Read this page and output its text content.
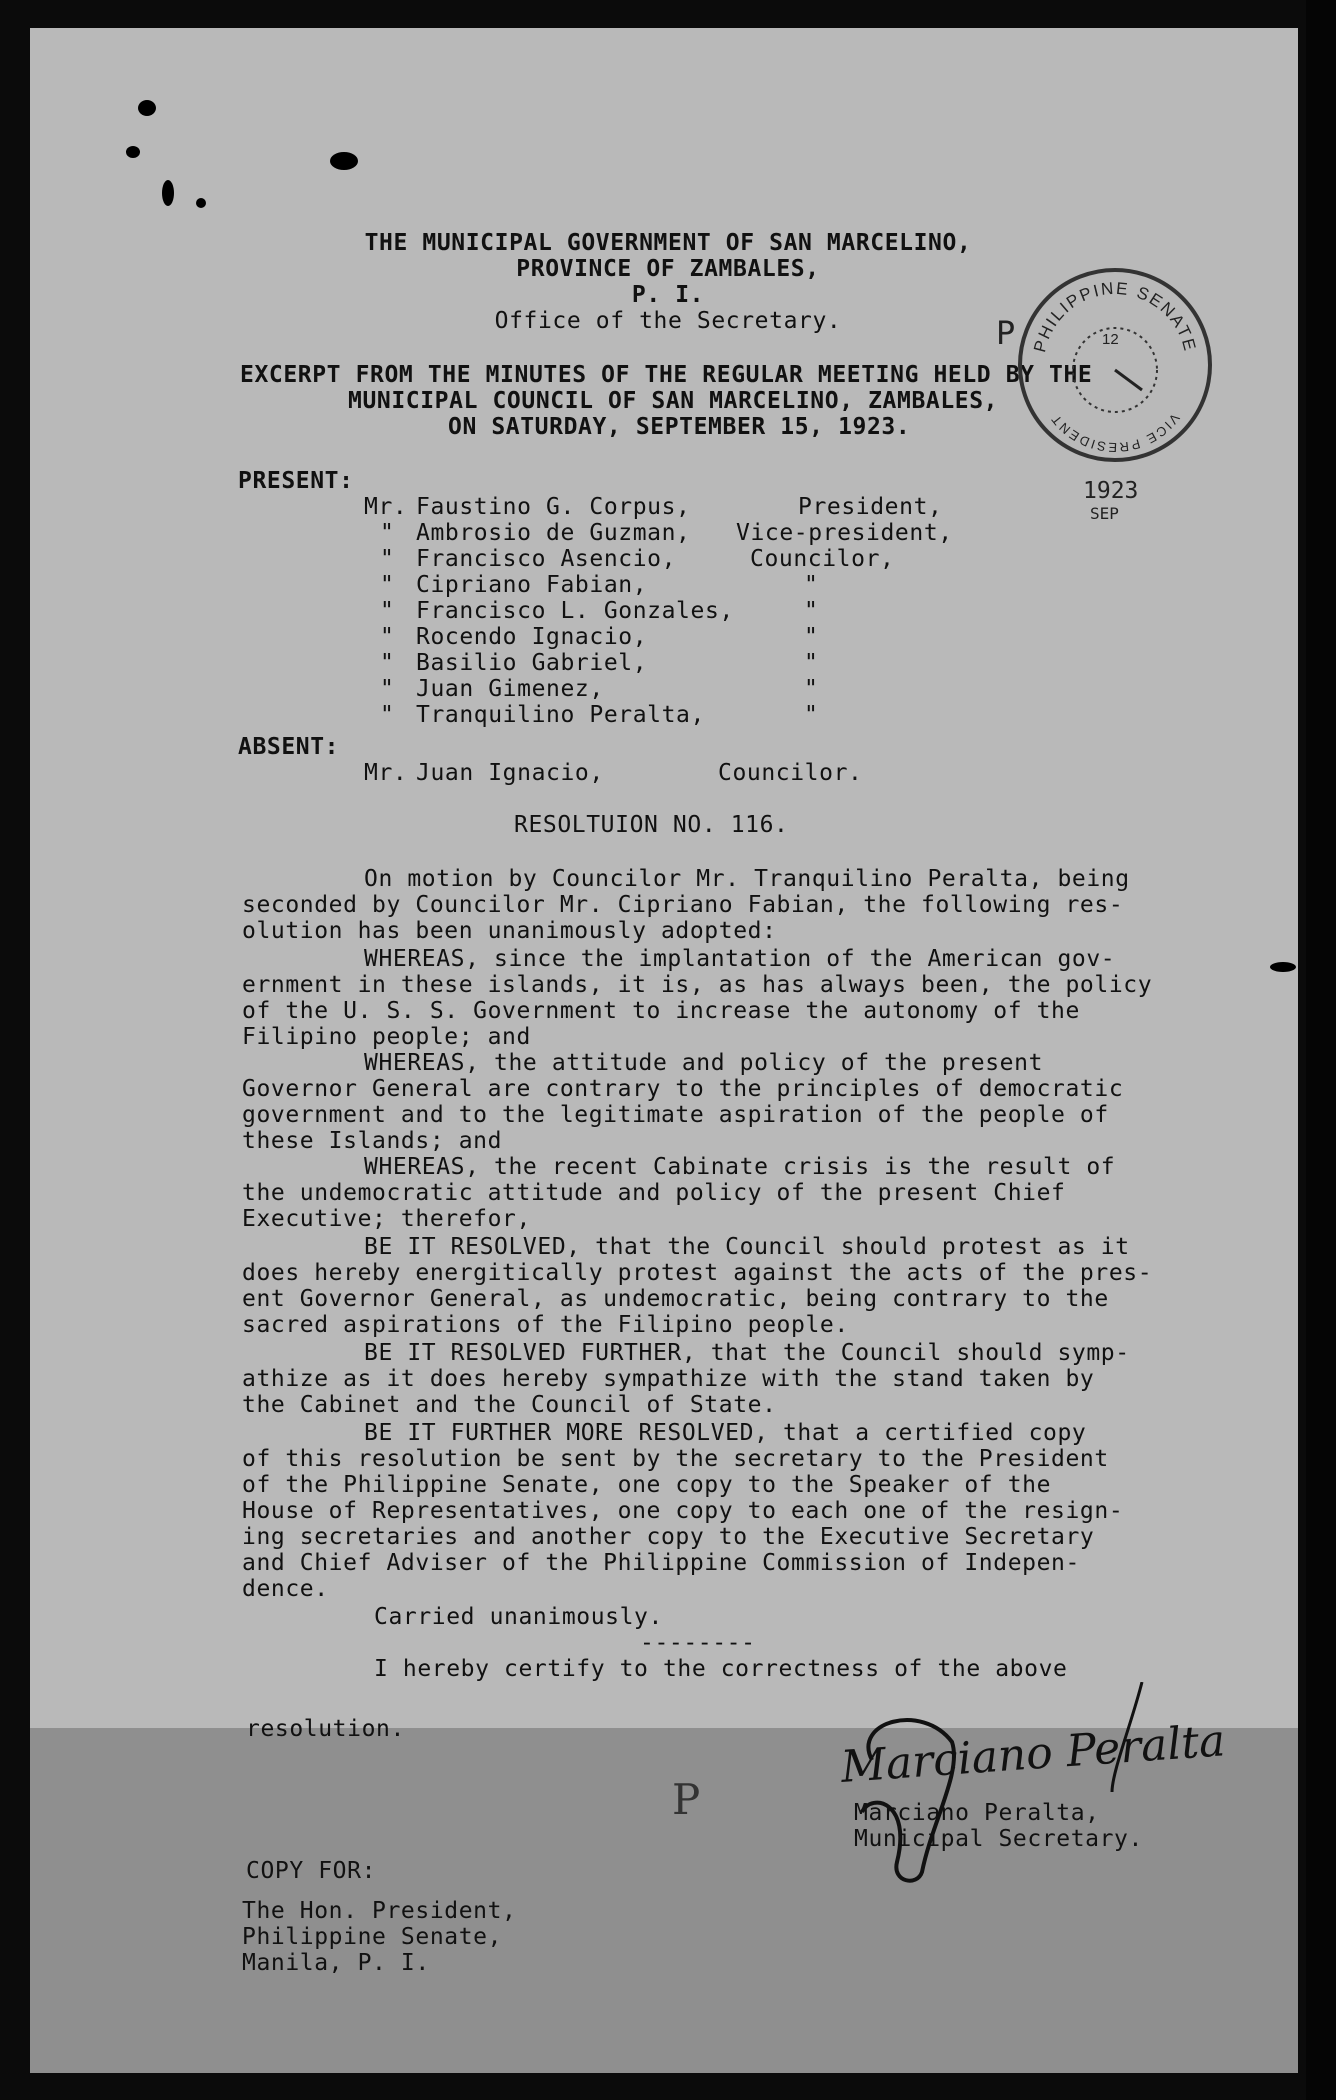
THE MUNICIPAL GOVERNMENT OF SAN MARCELINO,
PROVINCE OF ZAMBALES,
P. I.
Office of the Secretary.
EXCERPT FROM THE MINUTES OF THE REGULAR MEETING HELD BY THE
MUNICIPAL COUNCIL OF SAN MARCELINO, ZAMBALES,
ON SATURDAY, SEPTEMBER 15, 1923.
PHILIPPINE SENATE
VICE PRESIDENT
12
P
1923
SEP
PRESENT:
Mr. Faustino G. Corpus,	President,
" Ambrosio de Guzman, Vice-president,
" Francisco Asencio,	Councilor,
" Cipriano Fabian,	"
" Francisco L. Gonzales,	"
" Rocendo Ignacio,	"
" Basilio Gabriel,	"
" Juan Gimenez,	"
" Tranquilino Peralta,	"
ABSENT:
Mr. Juan Ignacio,	Councilor.
RESOLTUION NO. 116.
On motion by Councilor Mr. Tranquilino Peralta, being
seconded by Councilor Mr. Cipriano Fabian, the following res-
olution has been unanimously adopted:
WHEREAS, since the implantation of the American gov-
ernment in these islands, it is, as has always been, the policy
of the U. S. S. Government to increase the autonomy of the
Filipino people; and
WHEREAS, the attitude and policy of the present
Governor General are contrary to the principles of democratic
government and to the legitimate aspiration of the people of
these Islands; and
WHEREAS, the recent Cabinate crisis is the result of
the undemocratic attitude and policy of the present Chief
Executive; therefor,
BE IT RESOLVED, that the Council should protest as it
does hereby energitically protest against the acts of the pres-
ent Governor General, as undemocratic, being contrary to the
sacred aspirations of the Filipino people.
BE IT RESOLVED FURTHER, that the Council should symp-
athize as it does hereby sympathize with the stand taken by
the Cabinet and the Council of State.
BE IT FURTHER MORE RESOLVED, that a certified copy
of this resolution be sent by the secretary to the President
of the Philippine Senate, one copy to the Speaker of the
House of Representatives, one copy to each one of the resign-
ing secretaries and another copy to the Executive Secretary
and Chief Adviser of the Philippine Commission of Indepen-
dence.
Carried unanimously.
--------
I hereby certify to the correctness of the above
resolution.	Marciano Peralta
Marciano Peralta,
Municipal Secretary.
P
COPY FOR:
The Hon. President,
Philippine Senate,
Manila, P. I.
